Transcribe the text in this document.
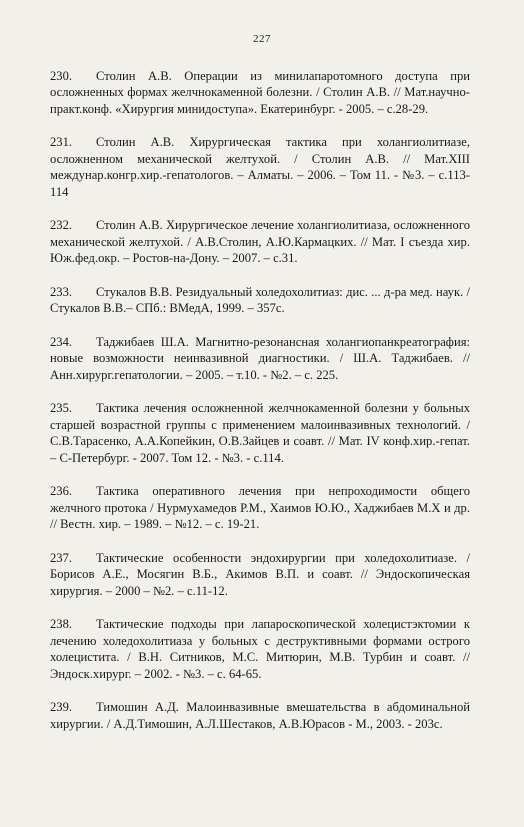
227

230. Столин А.В. Операции из минилапаротомного доступа при осложненных формах желчнокаменной болезни. / Столин А.В. // Мат.научно-практ.конф. «Хирургия минидоступа». Екатеринбург. - 2005. – с.28-29.

231. Столин А.В. Хирургическая тактика при холангиолитиазе, осложненном механической желтухой. / Столин А.В. // Мат.XIII междунар.конгр.хир.-гепатологов. – Алматы. – 2006. – Том 11. - №3. – с.113-114

232. Столин А.В. Хирургическое лечение холангиолитиаза, осложненного механической желтухой. / А.В.Столин, А.Ю.Кармацких. // Мат. I съезда хир. Юж.фед.окр. – Ростов-на-Дону. – 2007. – с.31.

233. Стукалов В.В. Резидуальный холедохолитиаз: дис. ... д-ра мед. наук. / Стукалов В.В.– СПб.: ВМедА, 1999. – 357с.

234. Таджибаев Ш.А. Магнитно-резонансная холангиопанкреатография: новые возможности неинвазивной диагностики. / Ш.А. Таджибаев. // Анн.хирург.гепатологии. – 2005. – т.10. - №2. – с. 225.

235. Тактика лечения осложненной желчнокаменной болезни у больных старшей возрастной группы с применением малоинвазивных технологий. / С.В.Тарасенко, А.А.Копейкин, О.В.Зайцев и соавт. // Мат. IV конф.хир.-гепат. – С-Петербург. - 2007. Том 12. - №3. - с.114.

236. Тактика оперативного лечения при непроходимости общего желчного протока / Нурмухамедов Р.М., Хаимов Ю.Ю., Хаджибаев М.Х и др. // Вестн. хир. – 1989. – №12. – с. 19-21.

237. Тактические особенности эндохирургии при холедохолитиазе. / Борисов А.Е., Мосягин В.Б., Акимов В.П. и соавт. // Эндоскопическая хирургия. – 2000 – №2. – с.11-12.

238. Тактические подходы при лапароскопической холецистэктомии к лечению холедохолитиаза у больных с деструктивными формами острого холецистита. / В.Н. Ситников, М.С. Митюрин, М.В. Турбин и соавт. // Эндоск.хирург. – 2002. - №3. – с. 64-65.

239. Тимошин А.Д. Малоинвазивные вмешательства в абдоминальной хирургии. / А.Д.Тимошин, А.Л.Шестаков, А.В.Юрасов - М., 2003. - 203с.
